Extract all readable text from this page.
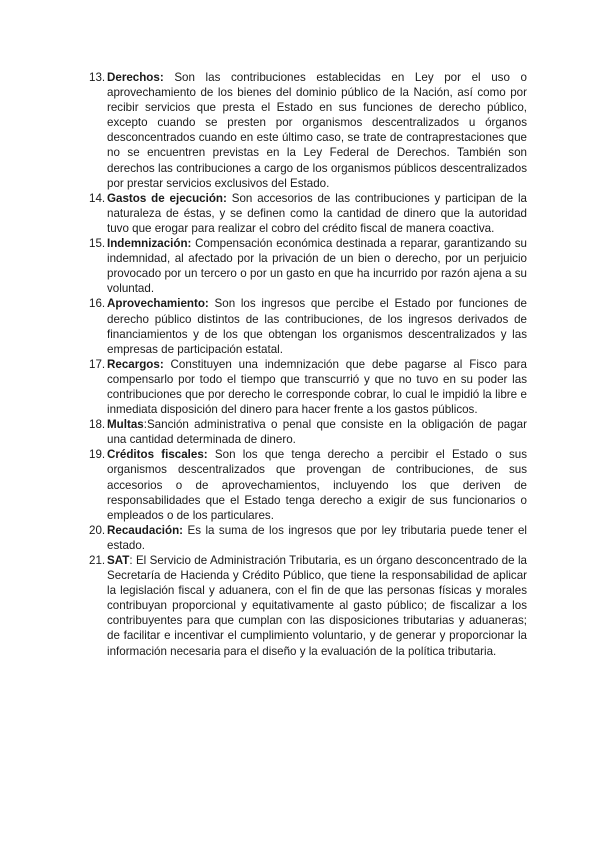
13. Derechos: Son las contribuciones establecidas en Ley por el uso o aprovechamiento de los bienes del dominio público de la Nación, así como por recibir servicios que presta el Estado en sus funciones de derecho público, excepto cuando se presten por organismos descentralizados u órganos desconcentrados cuando en este último caso, se trate de contraprestaciones que no se encuentren previstas en la Ley Federal de Derechos. También son derechos las contribuciones a cargo de los organismos públicos descentralizados por prestar servicios exclusivos del Estado.
14. Gastos de ejecución: Son accesorios de las contribuciones y participan de la naturaleza de éstas, y se definen como la cantidad de dinero que la autoridad tuvo que erogar para realizar el cobro del crédito fiscal de manera coactiva.
15. Indemnización: Compensación económica destinada a reparar, garantizando su indemnidad, al afectado por la privación de un bien o derecho, por un perjuicio provocado por un tercero o por un gasto en que ha incurrido por razón ajena a su voluntad.
16. Aprovechamiento: Son los ingresos que percibe el Estado por funciones de derecho público distintos de las contribuciones, de los ingresos derivados de financiamientos y de los que obtengan los organismos descentralizados y las empresas de participación estatal.
17. Recargos: Constituyen una indemnización que debe pagarse al Fisco para compensarlo por todo el tiempo que transcurrió y que no tuvo en su poder las contribuciones que por derecho le corresponde cobrar, lo cual le impidió la libre e inmediata disposición del dinero para hacer frente a los gastos públicos.
18. Multas:Sanción administrativa o penal que consiste en la obligación de pagar una cantidad determinada de dinero.
19. Créditos fiscales: Son los que tenga derecho a percibir el Estado o sus organismos descentralizados que provengan de contribuciones, de sus accesorios o de aprovechamientos, incluyendo los que deriven de responsabilidades que el Estado tenga derecho a exigir de sus funcionarios o empleados o de los particulares.
20. Recaudación: Es la suma de los ingresos que por ley tributaria puede tener el estado.
21. SAT: El Servicio de Administración Tributaria, es un órgano desconcentrado de la Secretaría de Hacienda y Crédito Público, que tiene la responsabilidad de aplicar la legislación fiscal y aduanera, con el fin de que las personas físicas y morales contribuyan proporcional y equitativamente al gasto público; de fiscalizar a los contribuyentes para que cumplan con las disposiciones tributarias y aduaneras; de facilitar e incentivar el cumplimiento voluntario, y de generar y proporcionar la información necesaria para el diseño y la evaluación de la política tributaria.
